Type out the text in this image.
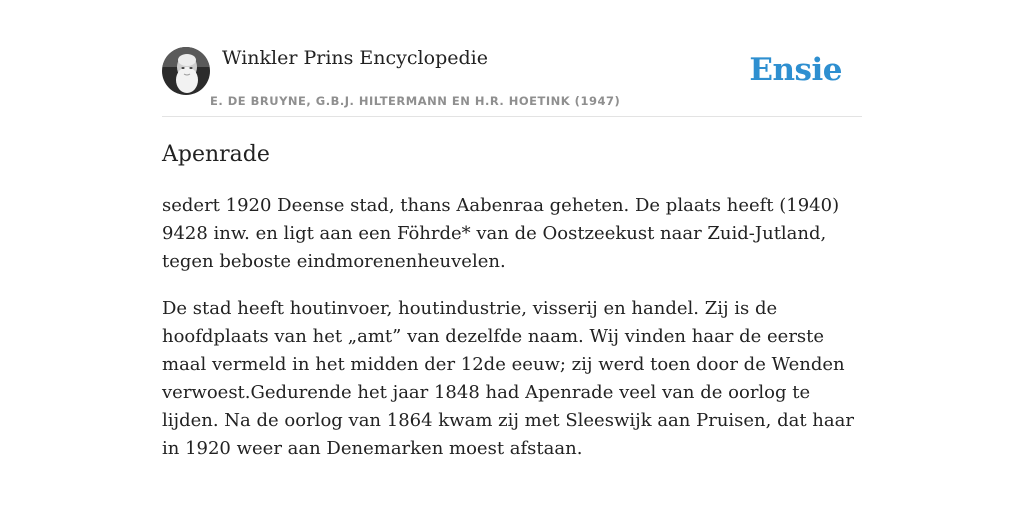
Winkler Prins Encyclopedie
E. DE BRUYNE, G.B.J. HILTERMANN EN H.R. HOETINK (1947)
Ensie
Apenrade

sedert 1920 Deense stad, thans Aabenraa geheten. De plaats heeft (1940) 9428 inw. en ligt aan een Föhrde* van de Oostzeekust naar Zuid-Jutland, tegen beboste eindmorenenheuvelen.

De stad heeft houtinvoer, houtindustrie, visserij en handel. Zij is de hoofdplaats van het „amt” van dezelfde naam. Wij vinden haar de eerste maal vermeld in het midden der 12de eeuw; zij werd toen door de Wenden verwoest.Gedurende het jaar 1848 had Apenrade veel van de oorlog te lijden. Na de oorlog van 1864 kwam zij met Sleeswijk aan Pruisen, dat haar in 1920 weer aan Denemarken moest afstaan.
